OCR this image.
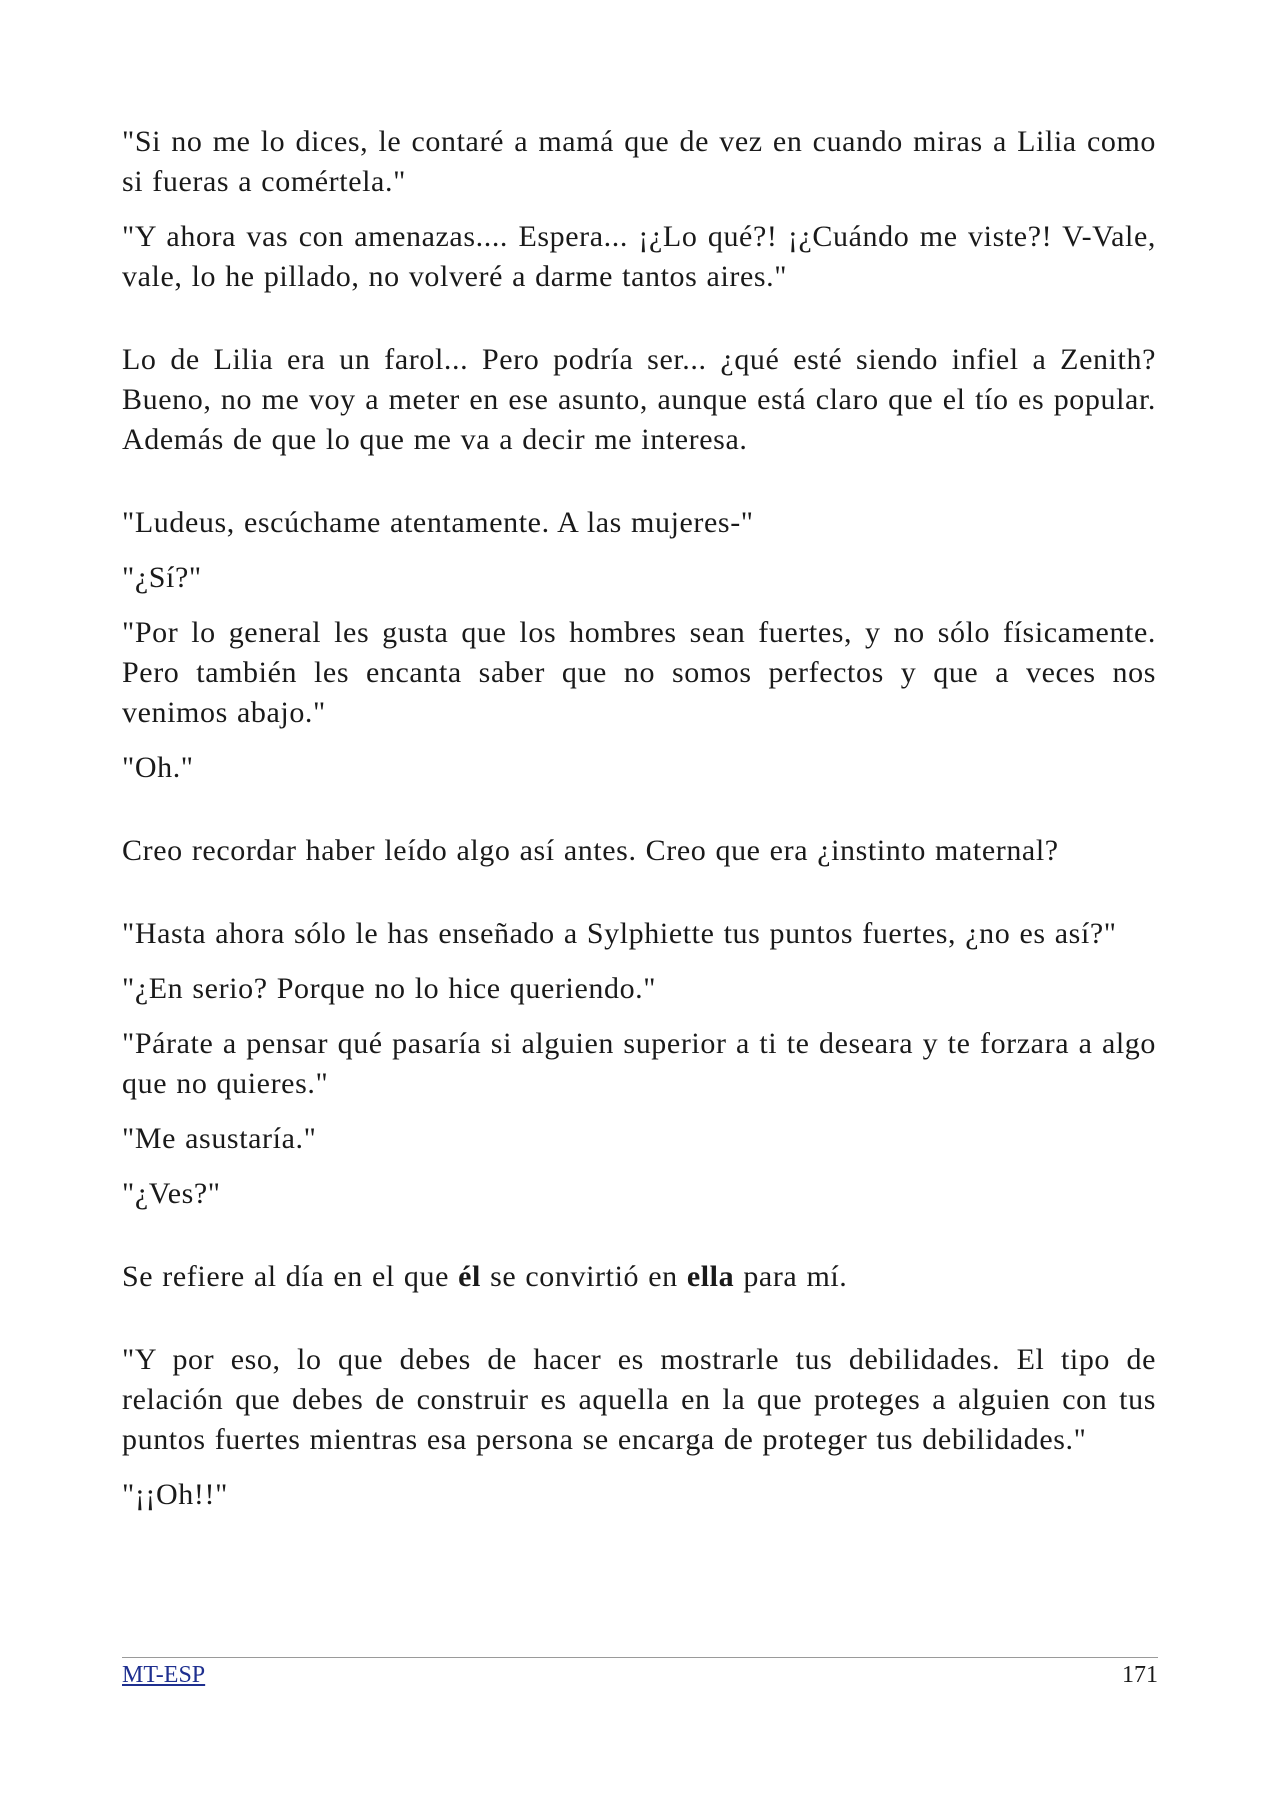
"Si no me lo dices, le contaré a mamá que de vez en cuando miras a Lilia como si fueras a comértela."

"Y ahora vas con amenazas.... Espera... ¡¿Lo qué?! ¡¿Cuándo me viste?! V-Vale, vale, lo he pillado, no volveré a darme tantos aires."

Lo de Lilia era un farol... Pero podría ser... ¿qué esté siendo infiel a Zenith? Bueno, no me voy a meter en ese asunto, aunque está claro que el tío es popular. Además de que lo que me va a decir me interesa.

"Ludeus, escúchame atentamente. A las mujeres-"

"¿Sí?"

"Por lo general les gusta que los hombres sean fuertes, y no sólo físicamente. Pero también les encanta saber que no somos perfectos y que a veces nos venimos abajo."

"Oh."

Creo recordar haber leído algo así antes. Creo que era ¿instinto maternal?

"Hasta ahora sólo le has enseñado a Sylphiette tus puntos fuertes, ¿no es así?"

"¿En serio? Porque no lo hice queriendo."

"Párate a pensar qué pasaría si alguien superior a ti te deseara y te forzara a algo que no quieres."

"Me asustaría."

"¿Ves?"

Se refiere al día en el que él se convirtió en ella para mí.

"Y por eso, lo que debes de hacer es mostrarle tus debilidades. El tipo de relación que debes de construir es aquella en la que proteges a alguien con tus puntos fuertes mientras esa persona se encarga de proteger tus debilidades."

"¡¡Oh!!"

MT-ESP	171
